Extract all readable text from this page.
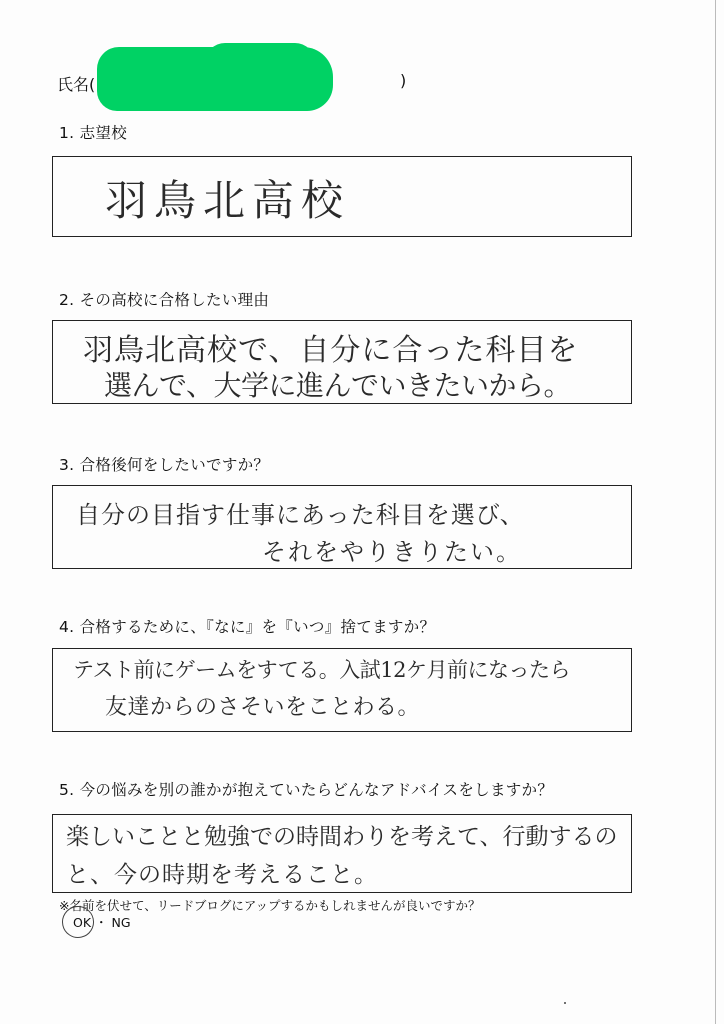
氏名(	)
1. 志望校
羽鳥北高校
2. その高校に合格したい理由
羽鳥北高校で、自分に合った科目を
選んで、大学に進んでいきたいから。
3. 合格後何をしたいですか？
自分の目指す仕事にあった科目を選び、
それをやりきりたい。
4. 合格するために、『なに』を『いつ』捨てますか？
テスト前にゲームをすてる。入試12ケ月前になったら
友達からのさそいをことわる。
5. 今の悩みを別の誰かが抱えていたらどんなアドバイスをしますか？
楽しいことと勉強での時間わりを考えて、行動するの
と、今の時期を考えること。
※名前を伏せて、リードブログにアップするかもしれませんが良いですか？
OK ・ NG
